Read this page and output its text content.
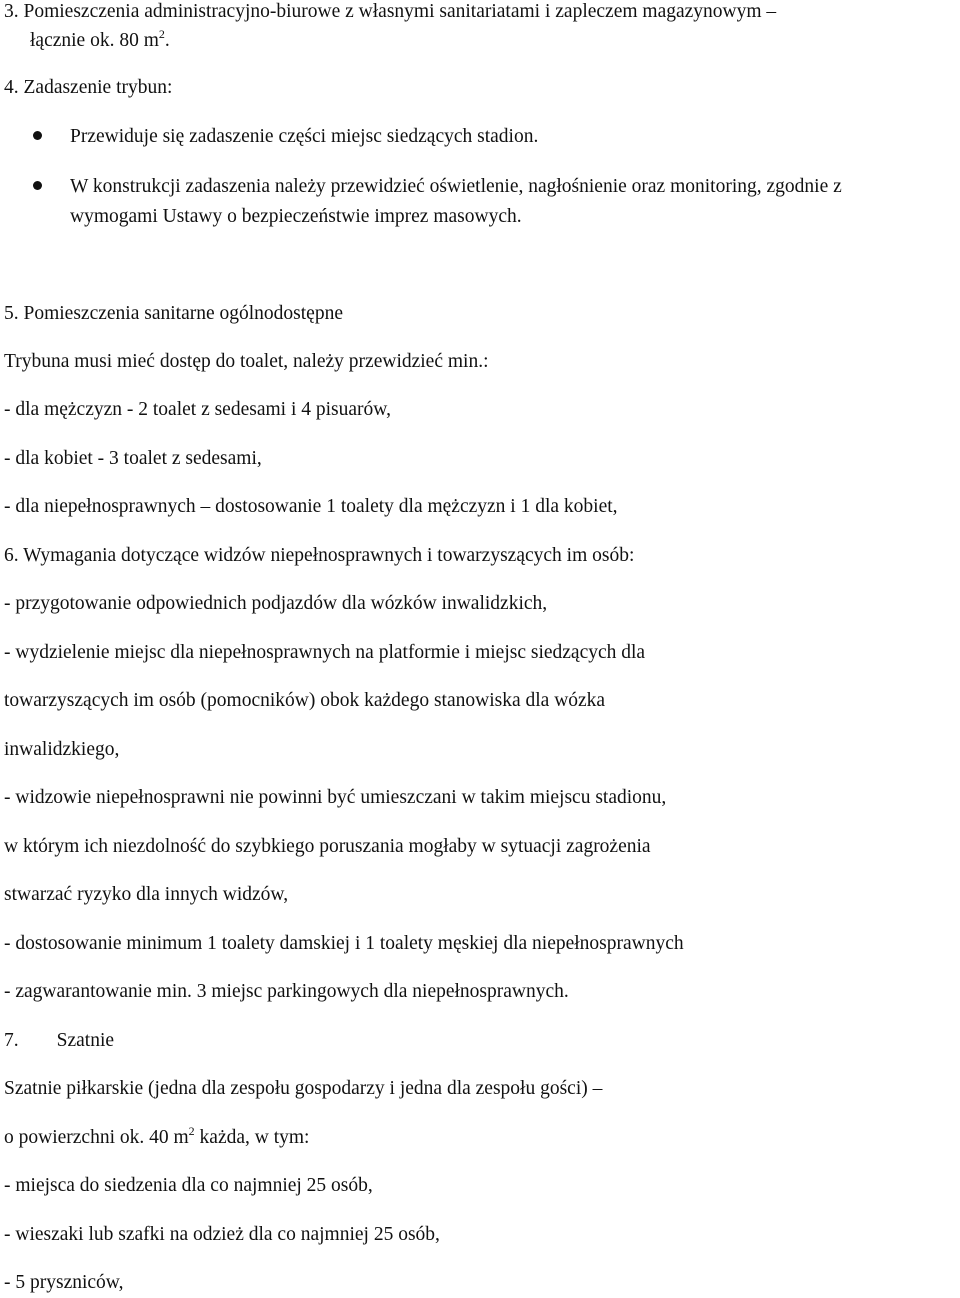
3. Pomieszczenia administracyjno-biurowe z własnymi sanitariatami i zapleczem magazynowym –
łącznie ok. 80 $m^2$.
4. Zadaszenie trybun:
Przewiduje się zadaszenie części miejsc siedzących stadion.
W konstrukcji zadaszenia należy przewidzieć oświetlenie, nagłośnienie oraz monitoring, zgodnie z
wymogami Ustawy o bezpieczeństwie imprez masowych.
5. Pomieszczenia sanitarne ogólnodostępne
Trybuna musi mieć dostęp do toalet, należy przewidzieć min.:
- dla mężczyzn - 2 toalet z sedesami i 4 pisuarów,
- dla kobiet - 3 toalet z sedesami,
- dla niepełnosprawnych – dostosowanie 1 toalety dla mężczyzn i 1 dla kobiet,
6. Wymagania dotyczące widzów niepełnosprawnych i towarzyszących im osób:
- przygotowanie odpowiednich podjazdów dla wózków inwalidzkich,
- wydzielenie miejsc dla niepełnosprawnych na platformie i miejsc siedzących dla
towarzyszących im osób (pomocników) obok każdego stanowiska dla wózka
inwalidzkiego,
- widzowie niepełnosprawni nie powinni być umieszczani w takim miejscu stadionu,
w którym ich niezdolność do szybkiego poruszania mogłaby w sytuacji zagrożenia
stwarzać ryzyko dla innych widzów,
- dostosowanie minimum 1 toalety damskiej i 1 toalety męskiej dla niepełnosprawnych
- zagwarantowanie min. 3 miejsc parkingowych dla niepełnosprawnych.
7. Szatnie
Szatnie piłkarskie (jedna dla zespołu gospodarzy i jedna dla zespołu gości) –
o powierzchni ok. 40 $m^2$ każda, w tym:
- miejsca do siedzenia dla co najmniej 25 osób,
- wieszaki lub szafki na odzież dla co najmniej 25 osób,
- 5 pryszniców,
